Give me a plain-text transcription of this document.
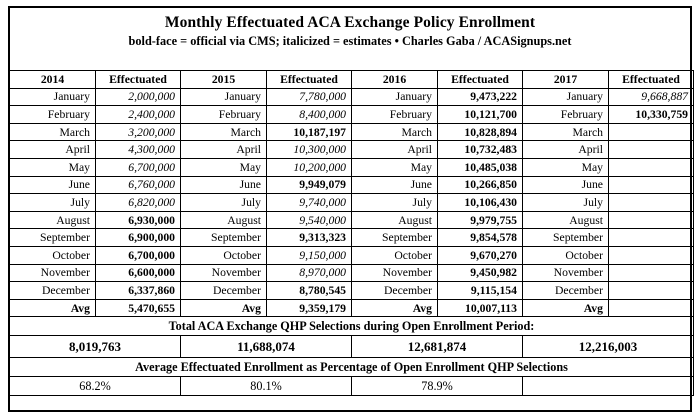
Monthly Effectuated ACA Exchange Policy Enrollment
bold-face = official via CMS; italicized = estimates • Charles Gaba / ACASignups.net
2014	Effectuated	2015	Effectuated	2016	Effectuated	2017	Effectuated
January	2,000,000	January	7,780,000	January	9,473,222	January	9,668,887
February	2,400,000	February	8,400,000	February	10,121,700	February	10,330,759
March	3,200,000	March	10,187,197	March	10,828,894	March	
April	4,300,000	April	10,300,000	April	10,732,483	April	
May	6,700,000	May	10,200,000	May	10,485,038	May	
June	6,760,000	June	9,949,079	June	10,266,850	June	
July	6,820,000	July	9,740,000	July	10,106,430	July	
August	6,930,000	August	9,540,000	August	9,979,755	August	
September	6,900,000	September	9,313,323	September	9,854,578	September	
October	6,700,000	October	9,150,000	October	9,670,270	October	
November	6,600,000	November	8,970,000	November	9,450,982	November	
December	6,337,860	December	8,780,545	December	9,115,154	December	
Avg	5,470,655	Avg	9,359,179	Avg	10,007,113	Avg	
Total ACA Exchange QHP Selections during Open Enrollment Period:							
8,019,763		11,688,074		12,681,874		12,216,003	
Average Effectuated Enrollment as Percentage of Open Enrollment QHP Selections							
68.2%		80.1%		78.9%			
